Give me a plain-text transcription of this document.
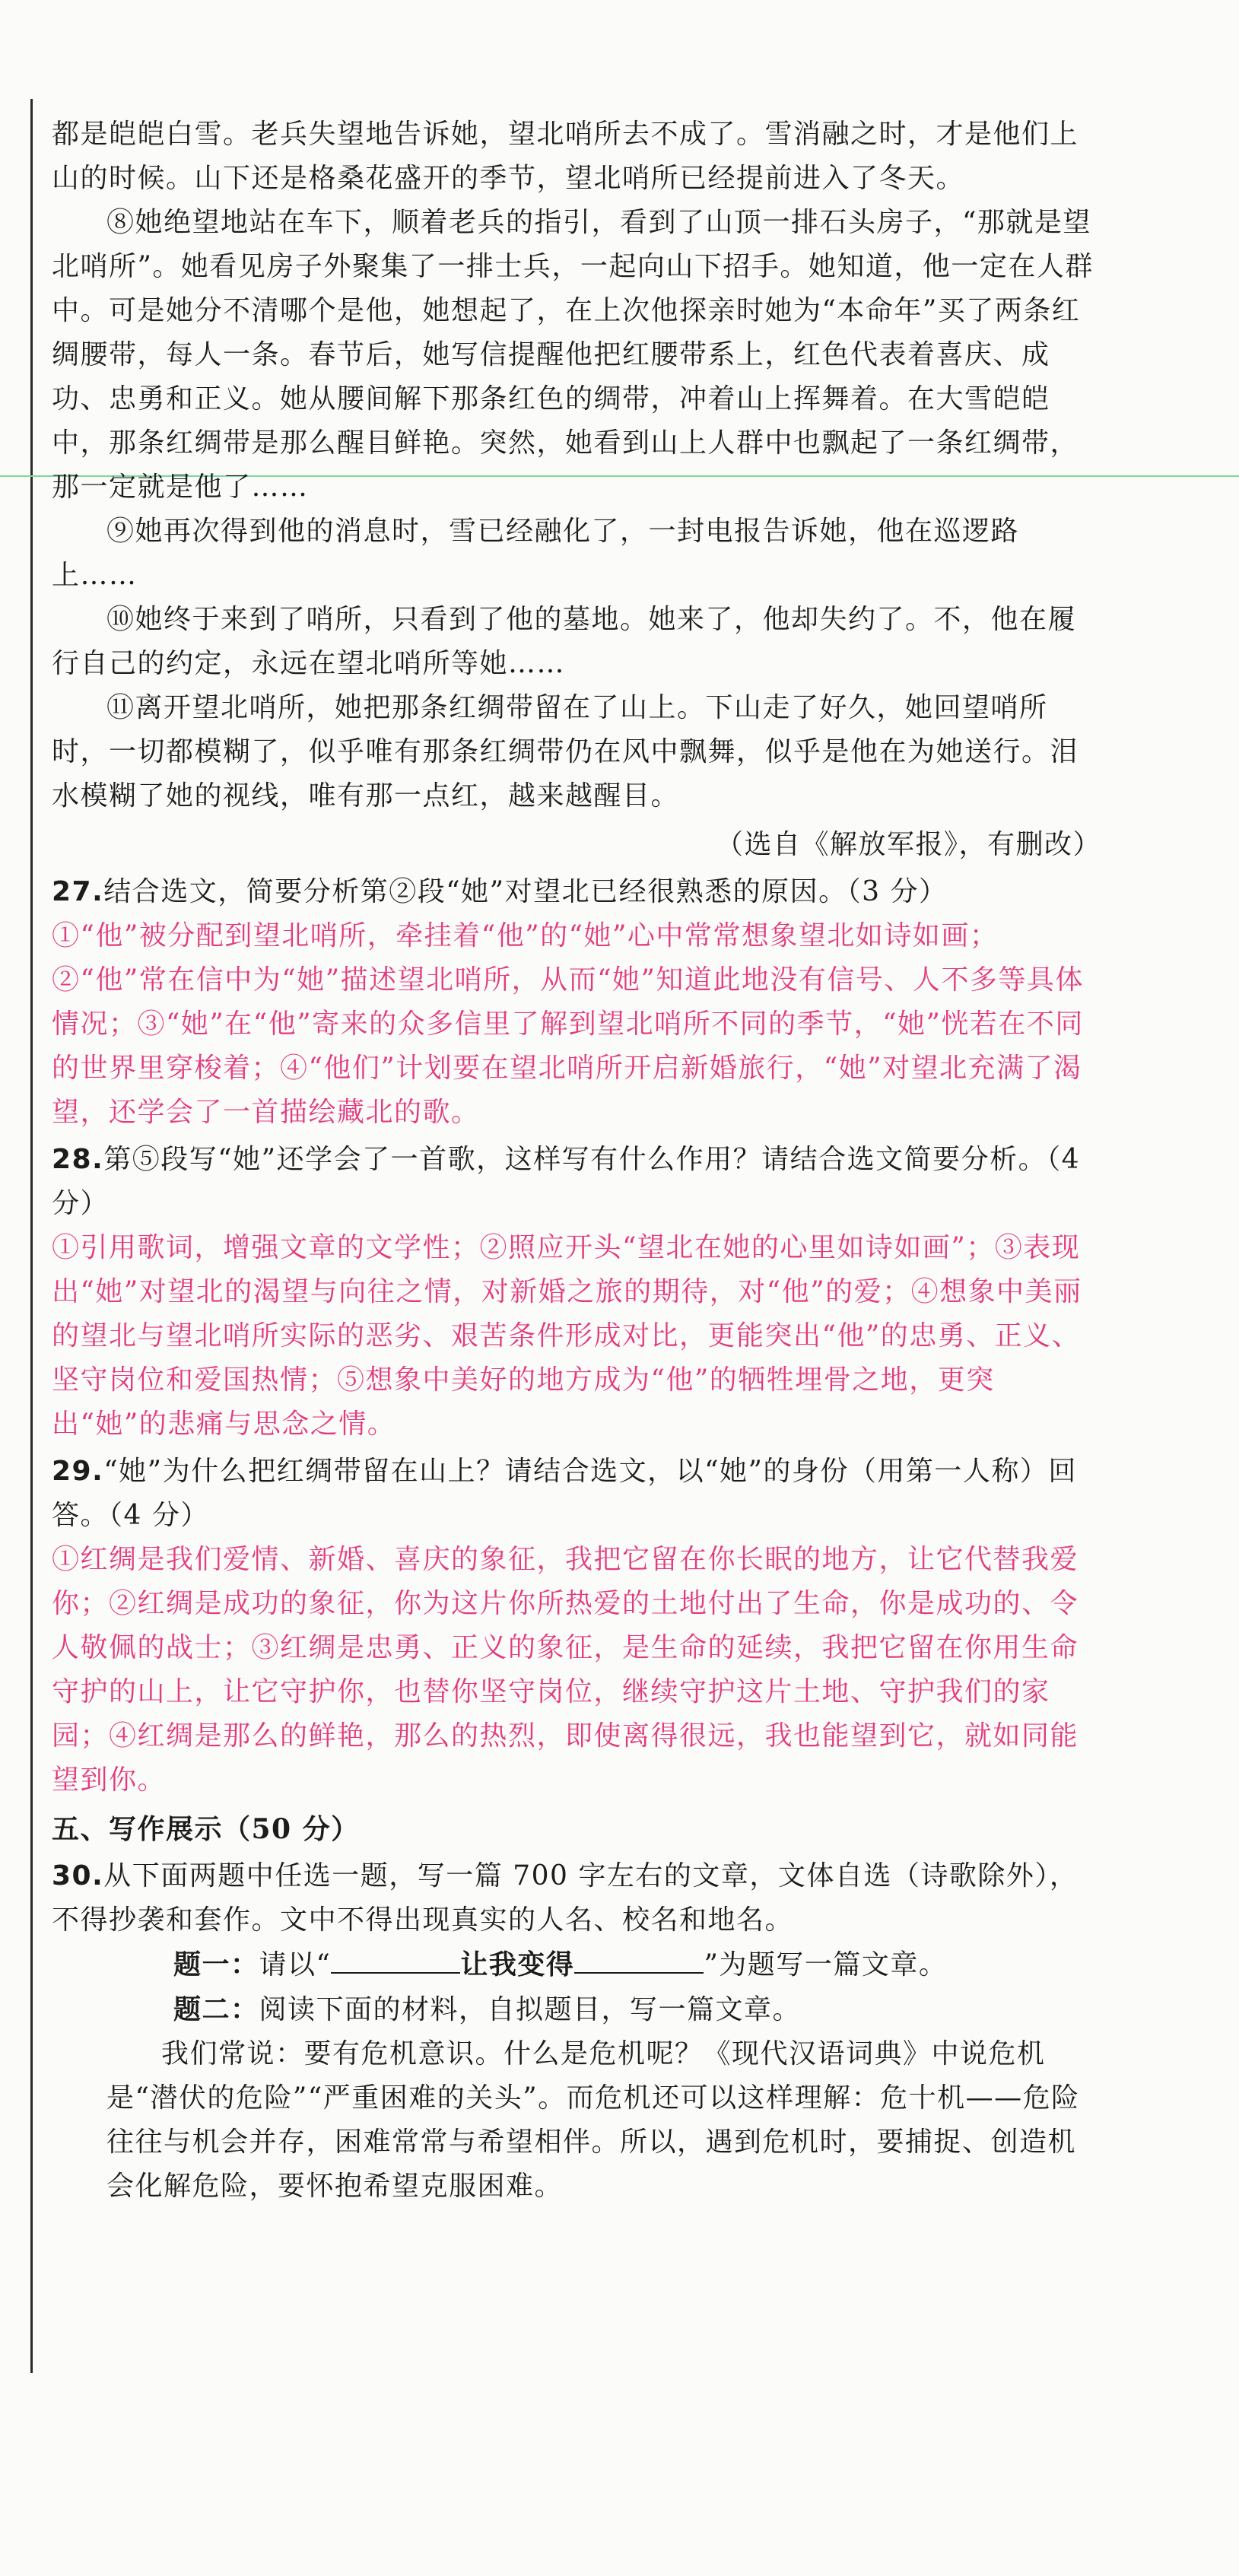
都是皑皑白雪。老兵失望地告诉她，望北哨所去不成了。雪消融之时，才是他们上山的时候。山下还是格桑花盛开的季节，望北哨所已经提前进入了冬天。

⑧她绝望地站在车下，顺着老兵的指引，看到了山顶一排石头房子，“那就是望北哨所”。她看见房子外聚集了一排士兵，一起向山下招手。她知道，他一定在人群中。可是她分不清哪个是他，她想起了，在上次他探亲时她为“本命年”买了两条红绸腰带，每人一条。春节后，她写信提醒他把红腰带系上，红色代表着喜庆、成功、忠勇和正义。她从腰间解下那条红色的绸带，冲着山上挥舞着。在大雪皑皑中，那条红绸带是那么醒目鲜艳。突然，她看到山上人群中也飘起了一条红绸带，那一定就是他了……

⑨她再次得到他的消息时，雪已经融化了，一封电报告诉她，他在巡逻路上……

⑩她终于来到了哨所，只看到了他的墓地。她来了，他却失约了。不，他在履行自己的约定，永远在望北哨所等她……

⑪离开望北哨所，她把那条红绸带留在了山上。下山走了好久，她回望哨所时，一切都模糊了，似乎唯有那条红绸带仍在风中飘舞，似乎是他在为她送行。泪水模糊了她的视线，唯有那一点红，越来越醒目。

（选自《解放军报》，有删改）

27.结合选文，简要分析第②段“她”对望北已经很熟悉的原因。（3 分）

①“他”被分配到望北哨所，牵挂着“他”的“她”心中常常想象望北如诗如画；②“他”常在信中为“她”描述望北哨所，从而“她”知道此地没有信号、人不多等具体情况；③“她”在“他”寄来的众多信里了解到望北哨所不同的季节，“她”恍若在不同的世界里穿梭着；④“他们”计划要在望北哨所开启新婚旅行，“她”对望北充满了渴望，还学会了一首描绘藏北的歌。

28.第⑤段写“她”还学会了一首歌，这样写有什么作用？请结合选文简要分析。（4 分）

①引用歌词，增强文章的文学性；②照应开头“望北在她的心里如诗如画”；③表现出“她”对望北的渴望与向往之情，对新婚之旅的期待，对“他”的爱；④想象中美丽的望北与望北哨所实际的恶劣、艰苦条件形成对比，更能突出“他”的忠勇、正义、坚守岗位和爱国热情；⑤想象中美好的地方成为“他”的牺牲埋骨之地，更突出“她”的悲痛与思念之情。

29.“她”为什么把红绸带留在山上？请结合选文，以“她”的身份（用第一人称）回答。（4 分）

①红绸是我们爱情、新婚、喜庆的象征，我把它留在你长眠的地方，让它代替我爱你；②红绸是成功的象征，你为这片你所热爱的土地付出了生命，你是成功的、令人敬佩的战士；③红绸是忠勇、正义的象征，是生命的延续，我把它留在你用生命守护的山上，让它守护你，也替你坚守岗位，继续守护这片土地、守护我们的家园；④红绸是那么的鲜艳，那么的热烈，即使离得很远，我也能望到它，就如同能望到你。

五、写作展示（50 分）

30.从下面两题中任选一题，写一篇 700 字左右的文章，文体自选（诗歌除外），不得抄袭和套作。文中不得出现真实的人名、校名和地名。

题一：请以“	让我变得	”为题写一篇文章。

题二：阅读下面的材料，自拟题目，写一篇文章。

我们常说：要有危机意识。什么是危机呢？《现代汉语词典》中说危机是“潜伏的危险”“严重困难的关头”。而危机还可以这样理解：危十机——危险往往与机会并存，困难常常与希望相伴。所以，遇到危机时，要捕捉、创造机会化解危险，要怀抱希望克服困难。
